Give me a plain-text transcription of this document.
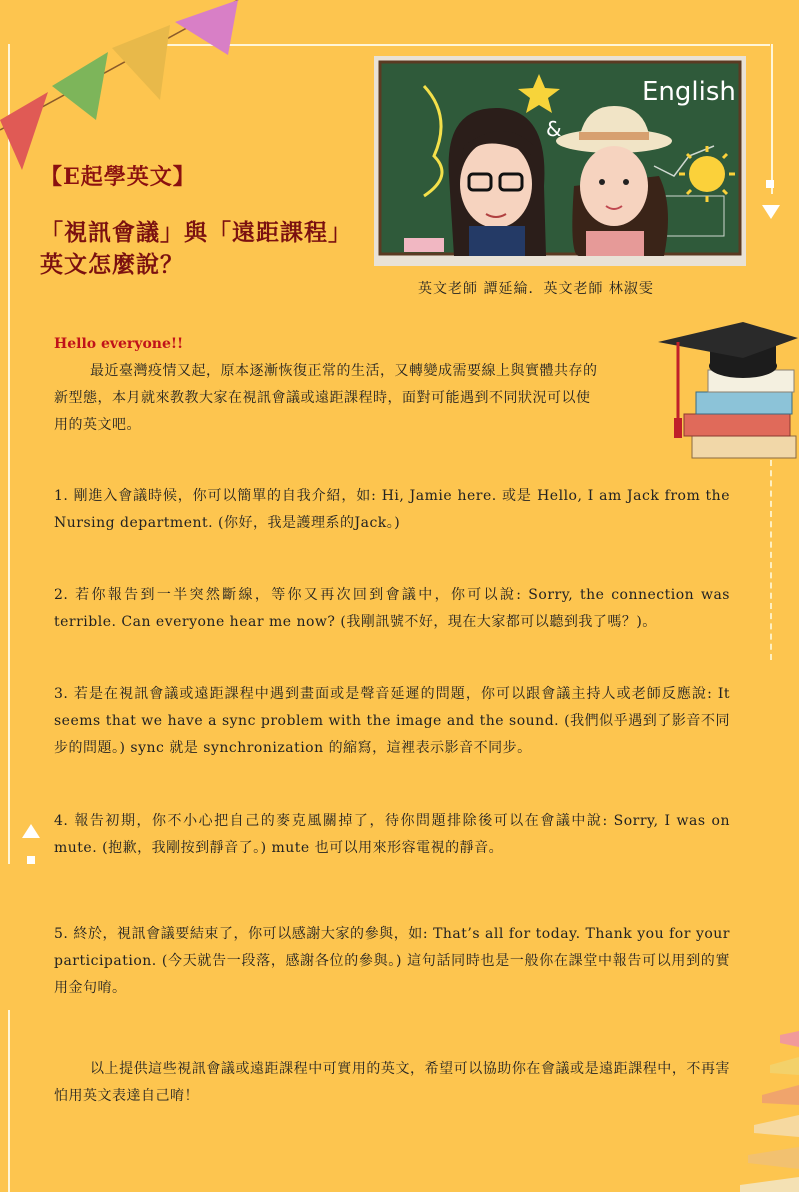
【E起學英文】
「視訊會議」與「遠距課程」
英文怎麼說？
English
&
英文老師 譚延綸．英文老師 林淑雯
Hello everyone!!
最近臺灣疫情又起，原本逐漸恢復正常的生活，又轉變成需要線上與實體共存的新型態，本月就來教教大家在視訊會議或遠距課程時，面對可能遇到不同狀況可以使用的英文吧。
1. 剛進入會議時候，你可以簡單的自我介紹，如: Hi, Jamie here. 或是 Hello, I am Jack from the Nursing department. (你好，我是護理系的Jack。)
2. 若你報告到一半突然斷線，等你又再次回到會議中，你可以說: Sorry, the connection was terrible. Can everyone hear me now? (我剛訊號不好，現在大家都可以聽到我了嗎？)。
3. 若是在視訊會議或遠距課程中遇到畫面或是聲音延遲的問題，你可以跟會議主持人或老師反應說: It seems that we have a sync problem with the image and the sound. (我們似乎遇到了影音不同步的問題。) sync 就是 synchronization 的縮寫，這裡表示影音不同步。
4. 報告初期，你不小心把自己的麥克風關掉了，待你問題排除後可以在會議中說: Sorry, I was on mute. (抱歉，我剛按到靜音了。) mute 也可以用來形容電視的靜音。
5. 終於，視訊會議要結束了，你可以感謝大家的參與，如: That’s all for today. Thank you for your participation. (今天就告一段落，感謝各位的參與。) 這句話同時也是一般你在課堂中報告可以用到的實用金句唷。
以上提供這些視訊會議或遠距課程中可實用的英文，希望可以協助你在會議或是遠距課程中，不再害怕用英文表達自己唷！
